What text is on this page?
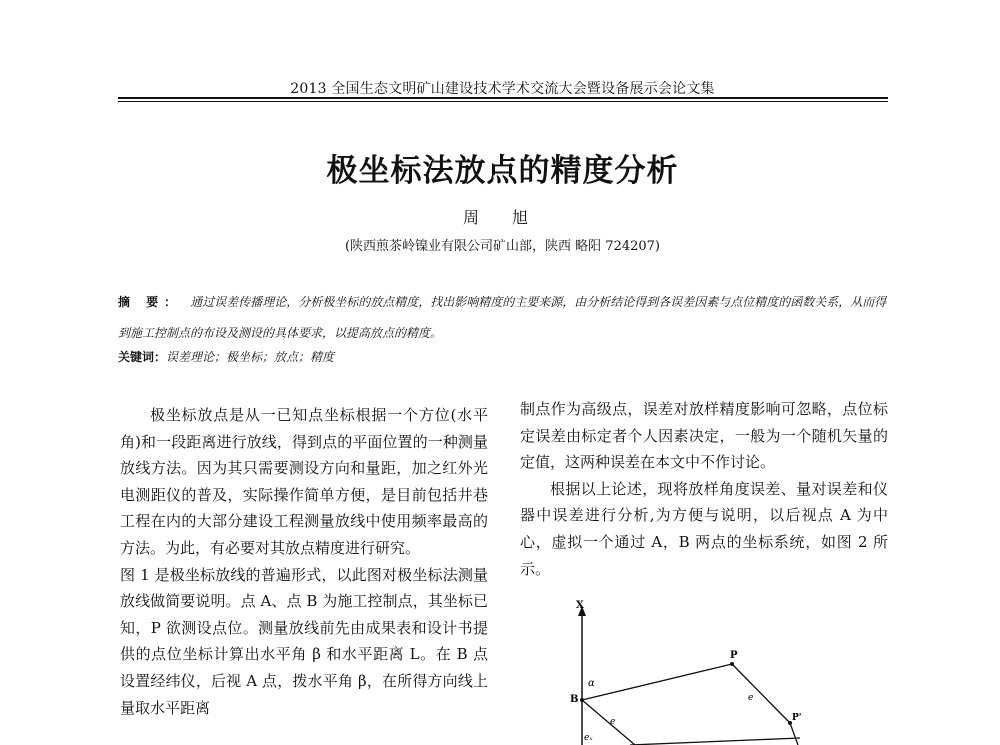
2013 全国生态文明矿山建设技术学术交流大会暨设备展示会论文集
极坐标法放点的精度分析
周 旭
(陕西煎茶岭镍业有限公司矿山部，陕西 略阳 724207)
摘 要： 通过误差传播理论，分析极坐标的放点精度，找出影响精度的主要来源，由分析结论得到各误差因素与点位精度的函数关系，从而得到施工控制点的布设及测设的具体要求，以提高放点的精度。
关键词：误差理论；极坐标；放点；精度

极坐标放点是从一已知点坐标根据一个方位(水平角)和一段距离进行放线，得到点的平面位置的一种测量放线方法。因为其只需要测设方向和量距，加之红外光电测距仪的普及，实际操作简单方便，是目前包括井巷工程在内的大部分建设工程测量放线中使用频率最高的方法。为此，有必要对其放点精度进行研究。

图 1 是极坐标放线的普遍形式，以此图对极坐标法测量放线做简要说明。点 A、点 B 为施工控制点，其坐标已知，P 欲测设点位。测量放线前先由成果表和设计书提供的点位坐标计算出水平角 β 和水平距离 L。在 B 点设置经纬仪，后视 A 点，拨水平角 β，在所得方向线上量取水平距离

制点作为高级点，误差对放样精度影响可忽略，点位标定误差由标定者个人因素决定，一般为一个随机矢量的定值，这两种误差在本文中不作讨论。

根据以上论述，现将放样角度误差、量对误差和仪器中误差进行分析,为方便与说明，以后视点 A 为中心，虚拟一个通过 A，B 两点的坐标系统，如图 2 所示。

X
B
P
P'
α
e
e
eₓ
